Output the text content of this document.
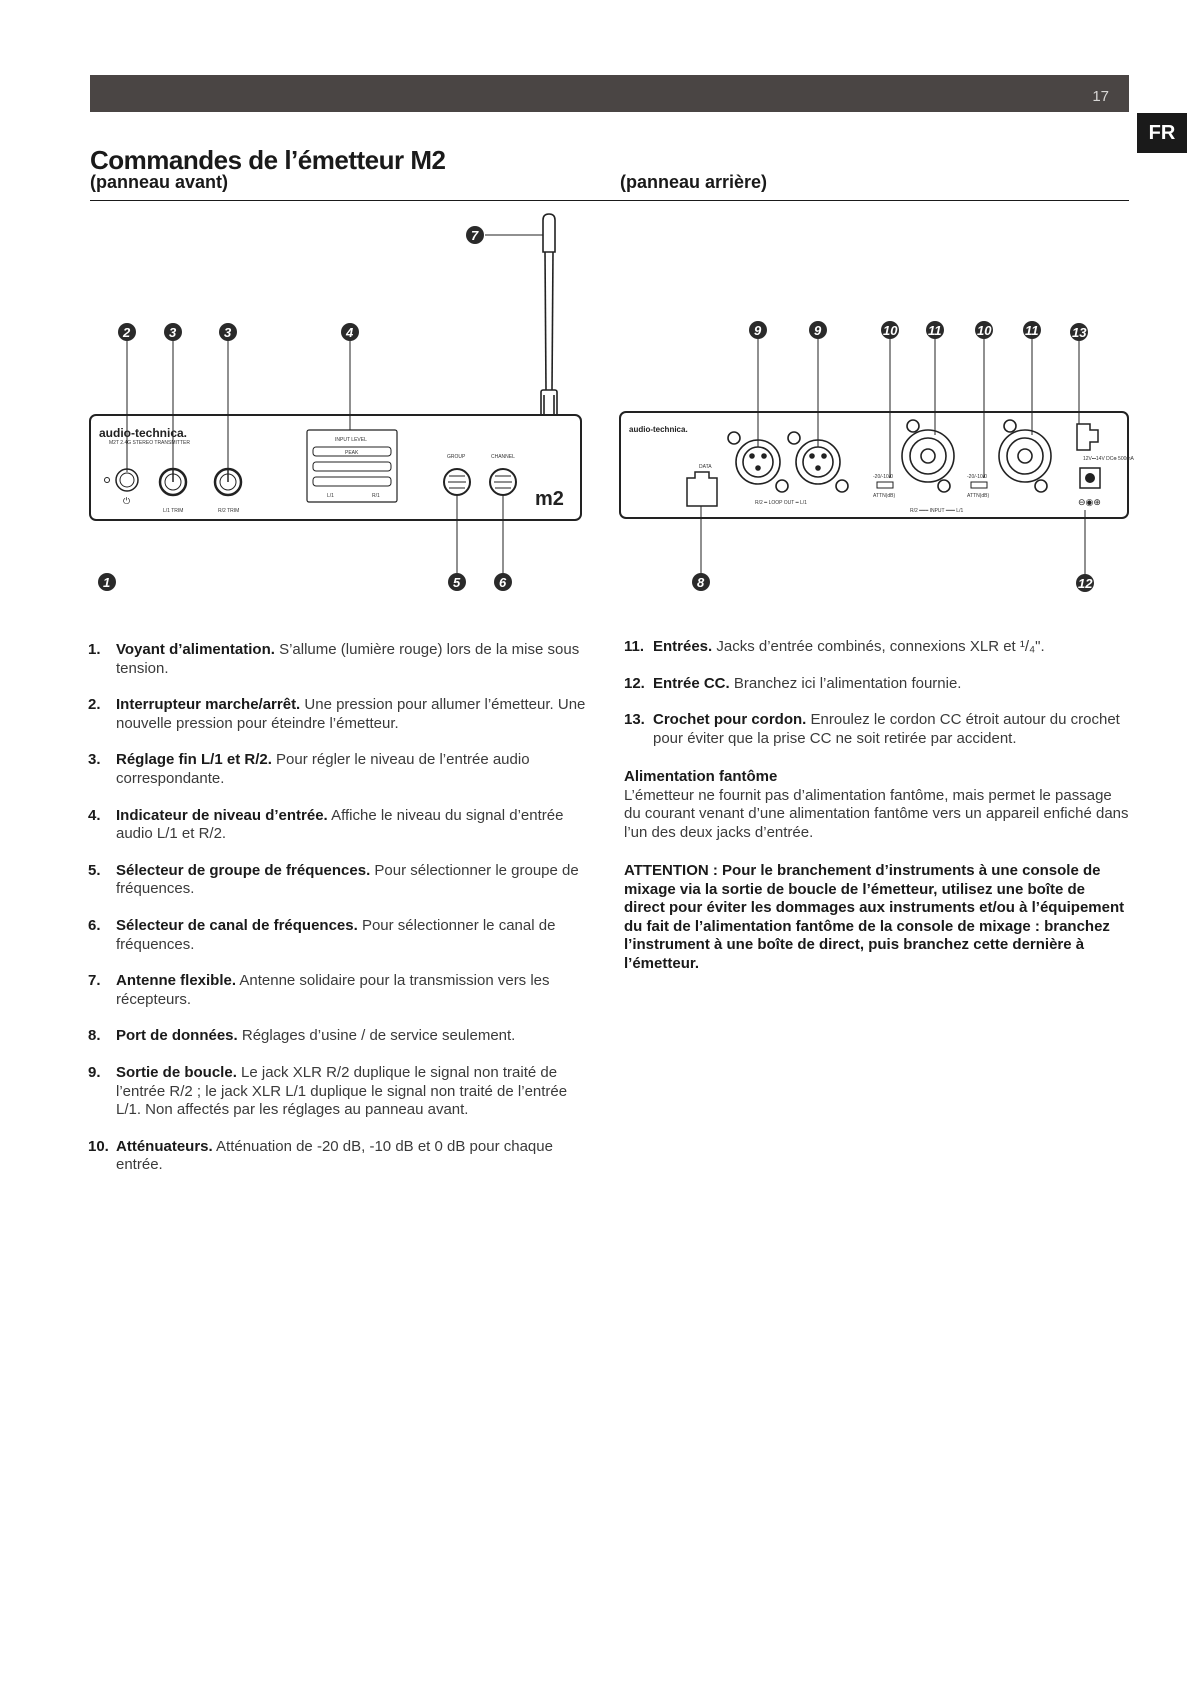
17
FR
Commandes de l’émetteur M2
(panneau avant)	(panneau arrière)
audio-technica.
M2T 2.4G STEREO TRANSMITTER
⏻
L/1 TRIM	R/2 TRIM
INPUT LEVEL
PEAK
L/1	R/1
GROUP	CHANNEL
m2
7
2	3	3	4
1	5	6
audio-technica.
DATA
R/2 ━ LOOP OUT ━ L/1
-20/-10/0
ATTN(dB)
-20/-10/0
ATTN(dB)
R/2 ━━━ INPUT ━━━ L/1
12V⎓14V DC⊕ 500mA
⊖◉⊕
9	9	10 11	10	11	13
8	12
1. Voyant d’alimentation. S’allume (lumière rouge) lors de la mise sous tension.
2. Interrupteur marche/arrêt. Une pression pour allumer l’émetteur. Une nouvelle pression pour éteindre l’émetteur.
3. Réglage fin L/1 et R/2. Pour régler le niveau de l’entrée audio correspondante.
4. Indicateur de niveau d’entrée. Affiche le niveau du signal d’entrée audio L/1 et R/2.
5. Sélecteur de groupe de fréquences. Pour sélectionner le groupe de fréquences.
6. Sélecteur de canal de fréquences. Pour sélectionner le canal de fréquences.
7. Antenne flexible. Antenne solidaire pour la transmission vers les récepteurs.
8. Port de données. Réglages d’usine / de service seulement.
9. Sortie de boucle. Le jack XLR R/2 duplique le signal non traité de l’entrée R/2 ; le jack XLR L/1 duplique le signal non traité de l’entrée L/1. Non affectés par les réglages au panneau avant.
10. Atténuateurs. Atténuation de -20 dB, -10 dB et 0 dB pour chaque entrée.
11. Entrées. Jacks d’entrée combinés, connexions XLR et ¹/₄".
12. Entrée CC. Branchez ici l’alimentation fournie.
13. Crochet pour cordon. Enroulez le cordon CC étroit autour du crochet pour éviter que la prise CC ne soit retirée par accident.
Alimentation fantôme
L’émetteur ne fournit pas d’alimentation fantôme, mais permet le passage du courant venant d’une alimentation fantôme vers un appareil enfiché dans l’un des deux jacks d’entrée.
ATTENTION : Pour le branchement d’instruments à une console de mixage via la sortie de boucle de l’émetteur, utilisez une boîte de direct pour éviter les dommages aux instruments et/ou à l’équipement du fait de l’alimentation fantôme de la console de mixage : branchez l’instrument à une boîte de direct, puis branchez cette dernière à l’émetteur.
